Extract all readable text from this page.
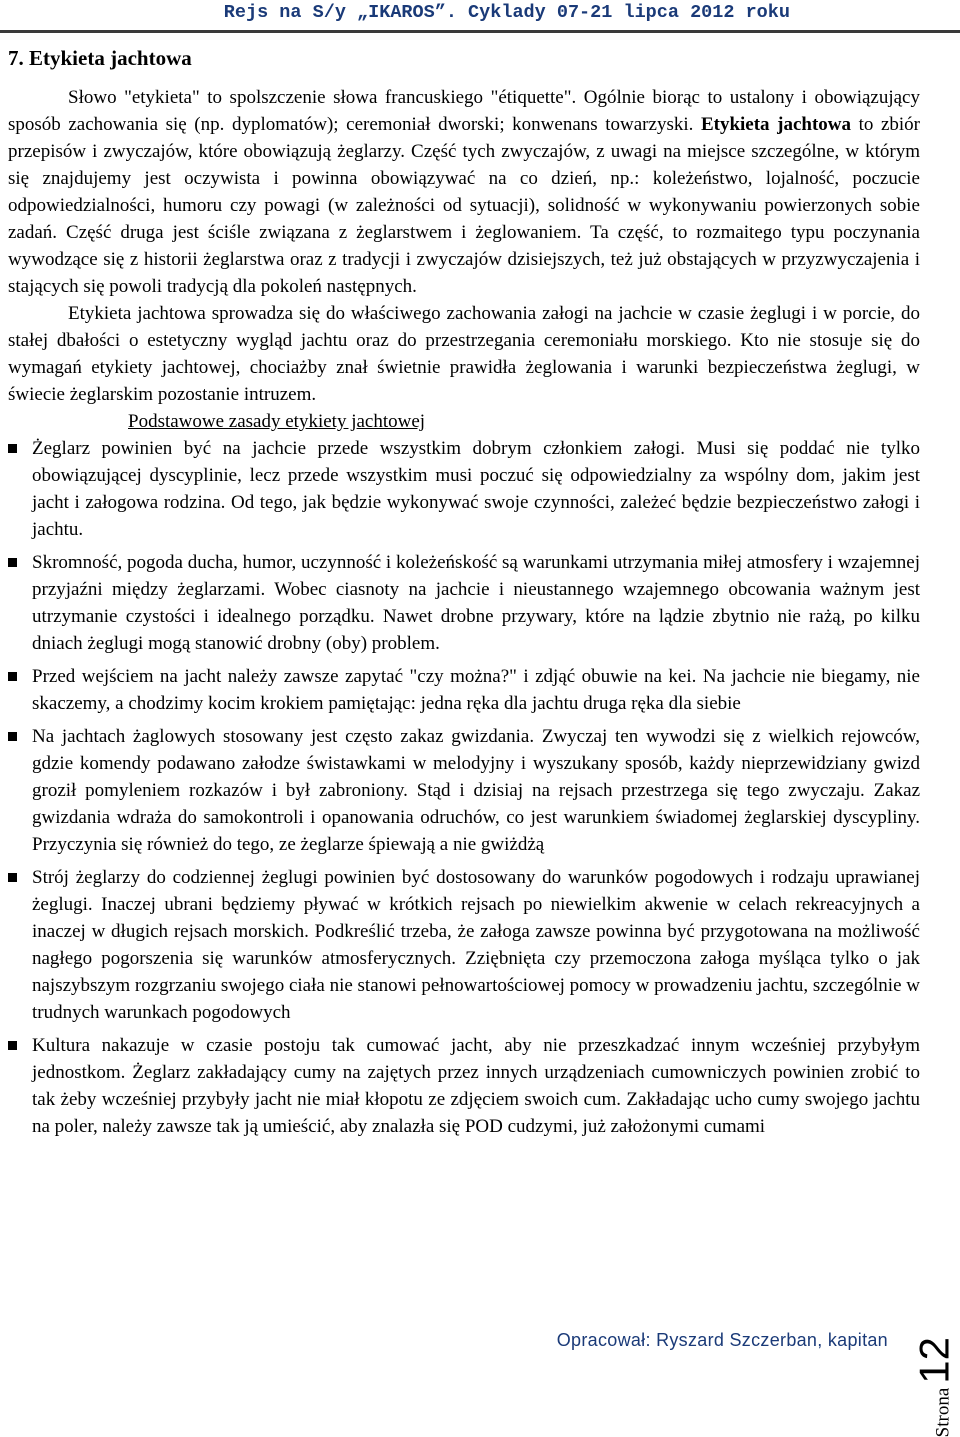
Rejs na S/y „IKAROS”. Cyklady 07-21 lipca 2012 roku
7. Etykieta jachtowa

Słowo "etykieta" to spolszczenie słowa francuskiego "étiquette". Ogólnie biorąc to ustalony i obowiązujący sposób zachowania się (np. dyplomatów); ceremoniał dworski; konwenans towarzyski. Etykieta jachtowa to zbiór przepisów i zwyczajów, które obowiązują żeglarzy. Część tych zwyczajów, z uwagi na miejsce szczególne, w którym się znajdujemy jest oczywista i powinna obowiązywać na co dzień, np.: koleżeństwo, lojalność, poczucie odpowiedzialności, humoru czy powagi (w zależności od sytuacji), solidność w wykonywaniu powierzonych sobie zadań. Część druga jest ściśle związana z żeglarstwem i żeglowaniem. Ta część, to rozmaitego typu poczynania wywodzące się z historii żeglarstwa oraz z tradycji i zwyczajów dzisiejszych, też już obstających w przyzwyczajenia i stających się powoli tradycją dla pokoleń następnych.

Etykieta jachtowa sprowadza się do właściwego zachowania załogi na jachcie w czasie żeglugi i w porcie, do stałej dbałości o estetyczny wygląd jachtu oraz do przestrzegania ceremoniału morskiego. Kto nie stosuje się do wymagań etykiety jachtowej, chociażby znał świetnie prawidła żeglowania i warunki bezpieczeństwa żeglugi, w świecie żeglarskim pozostanie intruzem.

Podstawowe zasady etykiety jachtowej

Żeglarz powinien być na jachcie przede wszystkim dobrym członkiem załogi. Musi się poddać nie tylko obowiązującej dyscyplinie, lecz przede wszystkim musi poczuć się odpowiedzialny za wspólny dom, jakim jest jacht i załogowa rodzina. Od tego, jak będzie wykonywać swoje czynności, zależeć będzie bezpieczeństwo załogi i jachtu.
Skromność, pogoda ducha, humor, uczynność i koleżeńskość są warunkami utrzymania miłej atmosfery i wzajemnej przyjaźni między żeglarzami. Wobec ciasnoty na jachcie i nieustannego wzajemnego obcowania ważnym jest utrzymanie czystości i idealnego porządku. Nawet drobne przywary, które na lądzie zbytnio nie rażą, po kilku dniach żeglugi mogą stanowić drobny (oby) problem.
Przed wejściem na jacht należy zawsze zapytać "czy można?" i zdjąć obuwie na kei. Na jachcie nie biegamy, nie skaczemy, a chodzimy kocim krokiem pamiętając: jedna ręka dla jachtu druga ręka dla siebie
Na jachtach żaglowych stosowany jest często zakaz gwizdania. Zwyczaj ten wywodzi się z wielkich rejowców, gdzie komendy podawano załodze świstawkami w melodyjny i wyszukany sposób, każdy nieprzewidziany gwizd groził pomyleniem rozkazów i był zabroniony. Stąd i dzisiaj na rejsach przestrzega się tego zwyczaju. Zakaz gwizdania wdraża do samokontroli i opanowania odruchów, co jest warunkiem świadomej żeglarskiej dyscypliny. Przyczynia się również do tego, ze żeglarze śpiewają a nie gwiżdżą
Strój żeglarzy do codziennej żeglugi powinien być dostosowany do warunków pogodowych i rodzaju uprawianej żeglugi. Inaczej ubrani będziemy pływać w krótkich rejsach po niewielkim akwenie w celach rekreacyjnych a inaczej w długich rejsach morskich. Podkreślić trzeba, że załoga zawsze powinna być przygotowana na możliwość nagłego pogorszenia się warunków atmosferycznych. Zziębnięta czy przemoczona załoga myśląca tylko o jak najszybszym rozgrzaniu swojego ciała nie stanowi pełnowartościowej pomocy w prowadzeniu jachtu, szczególnie w trudnych warunkach pogodowych
Kultura nakazuje w czasie postoju tak cumować jacht, aby nie przeszkadzać innym wcześniej przybyłym jednostkom. Żeglarz zakładający cumy na zajętych przez innych urządzeniach cumowniczych powinien zrobić to tak żeby wcześniej przybyły jacht nie miał kłopotu ze zdjęciem swoich cum. Zakładając ucho cumy swojego jachtu na poler, należy zawsze tak ją umieścić, aby znalazła się POD cudzymi, już założonymi cumami
Opracował: Ryszard Szczerban, kapitan
Strona12
